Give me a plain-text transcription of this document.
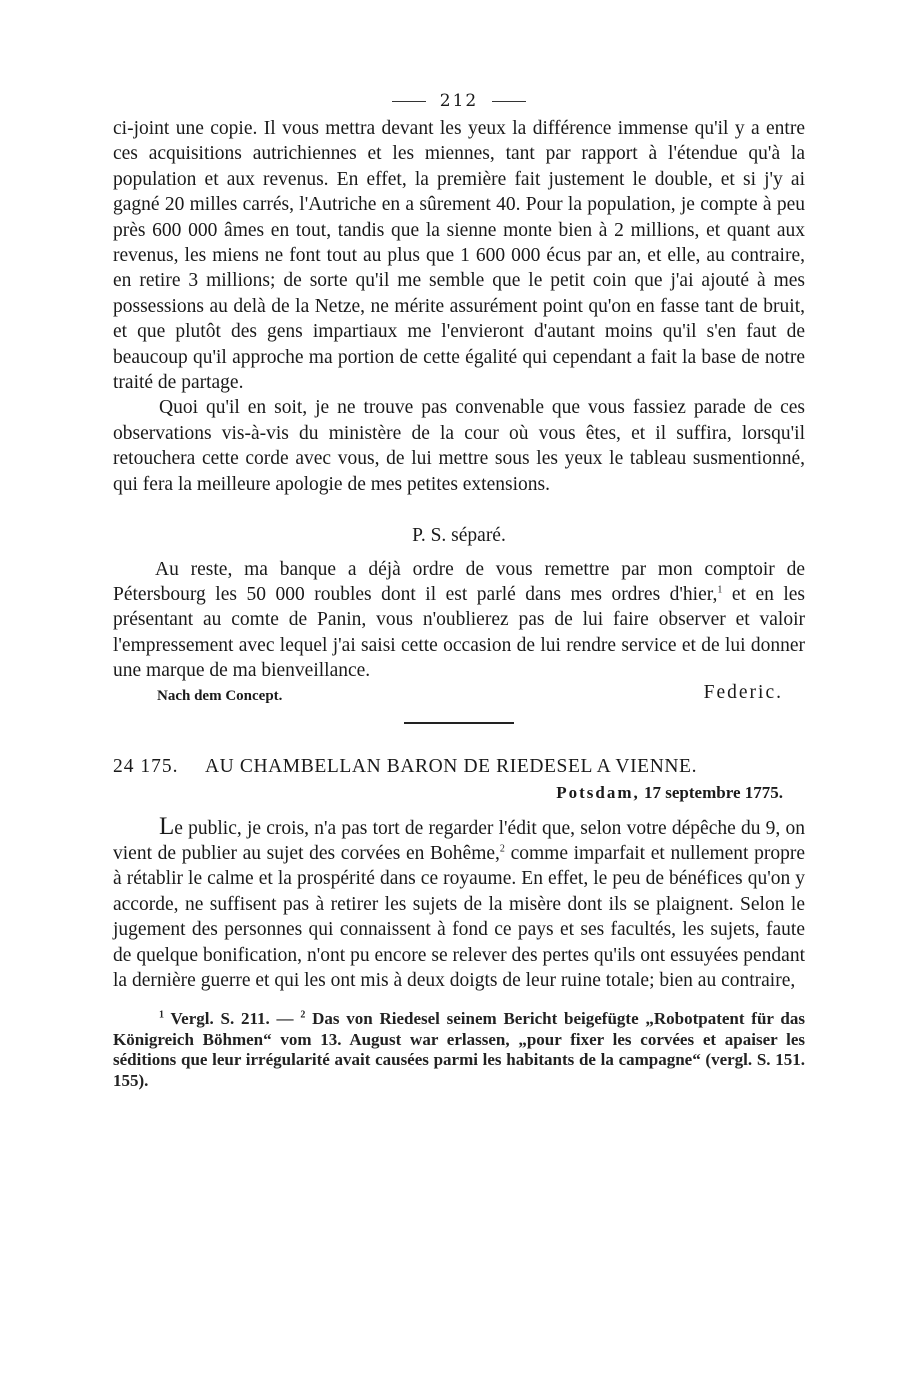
212

ci-joint une copie. Il vous mettra devant les yeux la différence immense qu'il y a entre ces acquisitions autrichiennes et les miennes, tant par rapport à l'étendue qu'à la population et aux revenus. En effet, la première fait justement le double, et si j'y ai gagné 20 milles carrés, l'Autriche en a sûrement 40. Pour la population, je compte à peu près 600 000 âmes en tout, tandis que la sienne monte bien à 2 millions, et quant aux revenus, les miens ne font tout au plus que 1 600 000 écus par an, et elle, au contraire, en retire 3 millions; de sorte qu'il me semble que le petit coin que j'ai ajouté à mes possessions au delà de la Netze, ne mérite assurément point qu'on en fasse tant de bruit, et que plutôt des gens impartiaux me l'envieront d'autant moins qu'il s'en faut de beaucoup qu'il approche ma portion de cette égalité qui cependant a fait la base de notre traité de partage.

Quoi qu'il en soit, je ne trouve pas convenable que vous fassiez parade de ces observations vis-à-vis du ministère de la cour où vous êtes, et il suffira, lorsqu'il retouchera cette corde avec vous, de lui mettre sous les yeux le tableau susmentionné, qui fera la meilleure apologie de mes petites extensions.

P. S. séparé.

Au reste, ma banque a déjà ordre de vous remettre par mon comptoir de Pétersbourg les 50 000 roubles dont il est parlé dans mes ordres d'hier,$^1$ et en les présentant au comte de Panin, vous n'oublierez pas de lui faire observer et valoir l'empressement avec lequel j'ai saisi cette occasion de lui rendre service et de lui donner une marque de ma bienveillance.

Nach dem Concept.	Federic.
24 175. AU CHAMBELLAN BARON DE RIEDESEL A VIENNE.
Potsdam, 17 septembre 1775.

Le public, je crois, n'a pas tort de regarder l'édit que, selon votre dépêche du 9, on vient de publier au sujet des corvées en Bohême,$^2$ comme imparfait et nullement propre à rétablir le calme et la prospérité dans ce royaume. En effet, le peu de bénéfices qu'on y accorde, ne suffisent pas à retirer les sujets de la misère dont ils se plaignent. Selon le jugement des personnes qui connaissent à fond ce pays et ses facultés, les sujets, faute de quelque bonification, n'ont pu encore se relever des pertes qu'ils ont essuyées pendant la dernière guerre et qui les ont mis à deux doigts de leur ruine totale; bien au contraire,

$^1$ Vergl. S. 211. — $^2$ Das von Riedesel seinem Bericht beigefügte „Robotpatent für das Königreich Böhmen“ vom 13. August war erlassen, „pour fixer les corvées et apaiser les séditions que leur irrégularité avait causées parmi les habitants de la campagne“ (vergl. S. 151. 155).
